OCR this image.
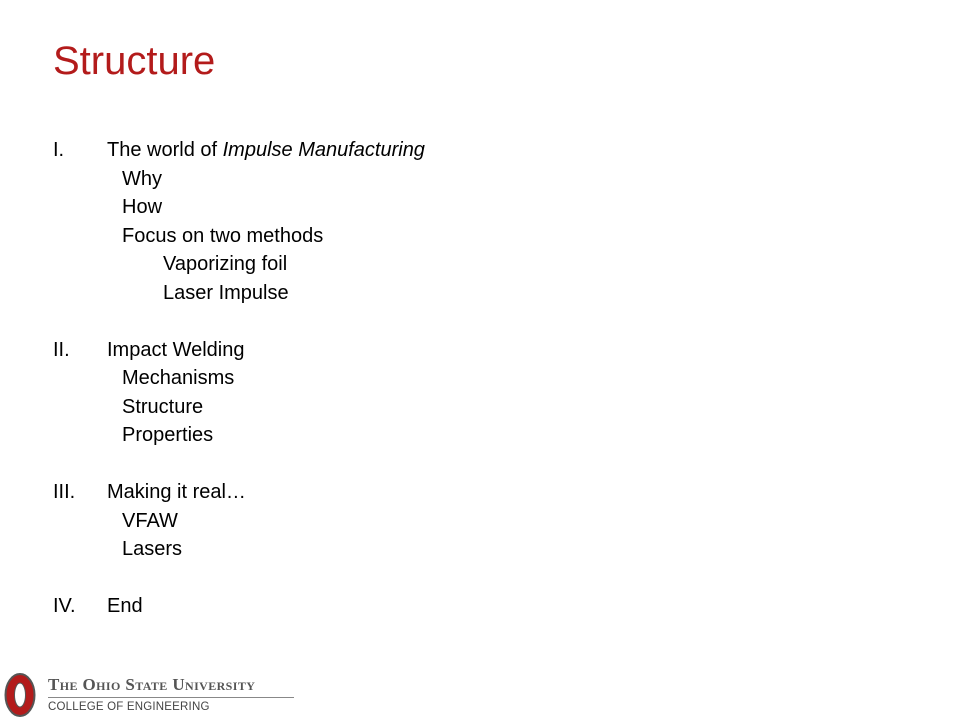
Structure
I. The world of Impulse Manufacturing
Why
How
Focus on two methods
Vaporizing foil
Laser Impulse
II. Impact Welding
Mechanisms
Structure
Properties
III. Making it real…
VFAW
Lasers
IV. End
The Ohio State University
COLLEGE OF ENGINEERING
